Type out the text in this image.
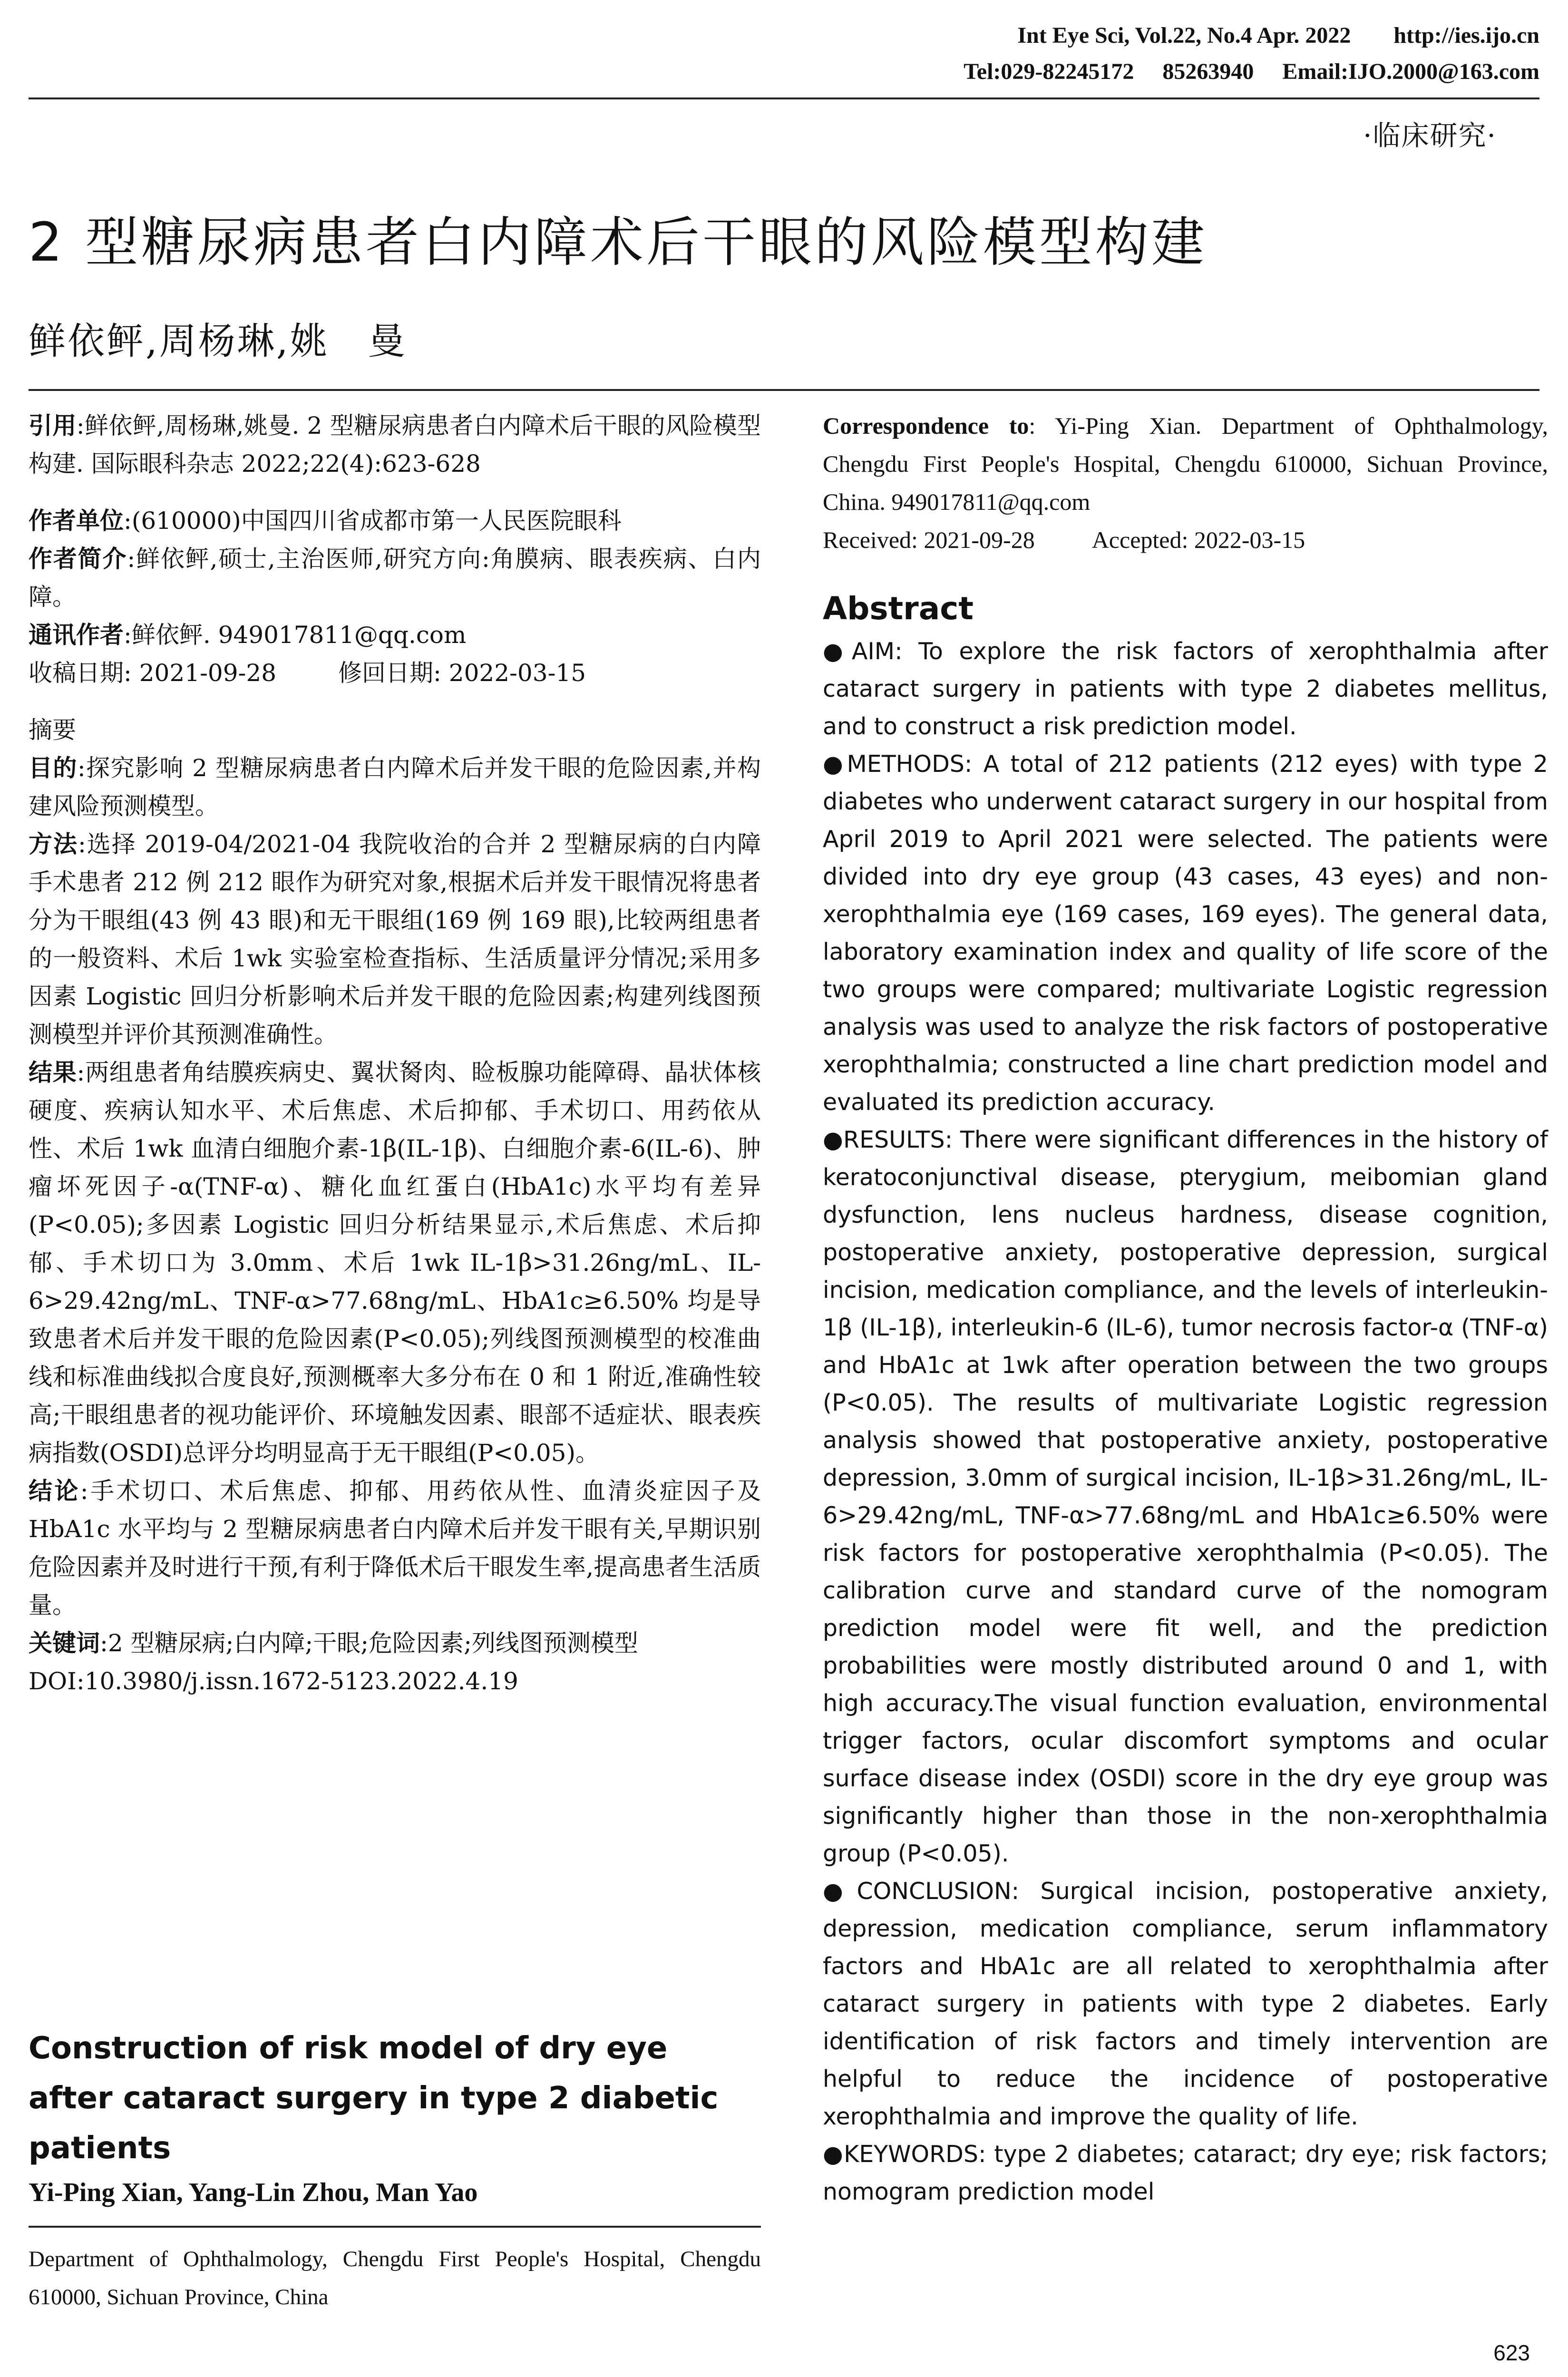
Int Eye Sci, Vol.22, No.4 Apr. 2022 http://ies.ijo.cn
Tel:029-82245172 85263940 Email:IJO.2000@163.com
·临床研究·
2 型糖尿病患者白内障术后干眼的风险模型构建
鲜依鲆,周杨琳,姚　曼

引用:鲜依鲆,周杨琳,姚曼. 2 型糖尿病患者白内障术后干眼的风险模型构建. 国际眼科杂志 2022;22(4):623-628

作者单位:(610000)中国四川省成都市第一人民医院眼科

作者简介:鲜依鲆,硕士,主治医师,研究方向:角膜病、眼表疾病、白内障。

通讯作者:鲜依鲆. 949017811@qq.com

收稿日期: 2021-09-28	修回日期: 2022-03-15

摘要

目的:探究影响 2 型糖尿病患者白内障术后并发干眼的危险因素,并构建风险预测模型。

方法:选择 2019-04/2021-04 我院收治的合并 2 型糖尿病的白内障手术患者 212 例 212 眼作为研究对象,根据术后并发干眼情况将患者分为干眼组(43 例 43 眼)和无干眼组(169 例 169 眼),比较两组患者的一般资料、术后 1wk 实验室检查指标、生活质量评分情况;采用多因素 Logistic 回归分析影响术后并发干眼的危险因素;构建列线图预测模型并评价其预测准确性。

结果:两组患者角结膜疾病史、翼状胬肉、睑板腺功能障碍、晶状体核硬度、疾病认知水平、术后焦虑、术后抑郁、手术切口、用药依从性、术后 1wk 血清白细胞介素-1β(IL-1β)、白细胞介素-6(IL-6)、肿瘤坏死因子-α(TNF-α)、糖化血红蛋白(HbA1c)水平均有差异(P<0.05);多因素 Logistic 回归分析结果显示,术后焦虑、术后抑郁、手术切口为 3.0mm、术后 1wk IL-1β>31.26ng/mL、IL-6>29.42ng/mL、TNF-α>77.68ng/mL、HbA1c≥6.50% 均是导致患者术后并发干眼的危险因素(P<0.05);列线图预测模型的校准曲线和标准曲线拟合度良好,预测概率大多分布在 0 和 1 附近,准确性较高;干眼组患者的视功能评价、环境触发因素、眼部不适症状、眼表疾病指数(OSDI)总评分均明显高于无干眼组(P<0.05)。

结论:手术切口、术后焦虑、抑郁、用药依从性、血清炎症因子及 HbA1c 水平均与 2 型糖尿病患者白内障术后并发干眼有关,早期识别危险因素并及时进行干预,有利于降低术后干眼发生率,提高患者生活质量。

关键词:2 型糖尿病;白内障;干眼;危险因素;列线图预测模型

DOI:10.3980/j.issn.1672-5123.2022.4.19

Construction of risk model of dry eye after cataract surgery in type 2 diabetic patients
Yi-Ping Xian, Yang-Lin Zhou, Man Yao
Department of Ophthalmology, Chengdu First People's Hospital, Chengdu 610000, Sichuan Province, China

Correspondence to: Yi-Ping Xian. Department of Ophthalmology, Chengdu First People's Hospital, Chengdu 610000, Sichuan Province, China. 949017811@qq.com

Received: 2021-09-28 Accepted: 2022-03-15

Abstract

●AIM: To explore the risk factors of xerophthalmia after cataract surgery in patients with type 2 diabetes mellitus, and to construct a risk prediction model.

●METHODS: A total of 212 patients (212 eyes) with type 2 diabetes who underwent cataract surgery in our hospital from April 2019 to April 2021 were selected. The patients were divided into dry eye group (43 cases, 43 eyes) and non-xerophthalmia eye (169 cases, 169 eyes). The general data, laboratory examination index and quality of life score of the two groups were compared; multivariate Logistic regression analysis was used to analyze the risk factors of postoperative xerophthalmia; constructed a line chart prediction model and evaluated its prediction accuracy.

●RESULTS: There were significant differences in the history of keratoconjunctival disease, pterygium, meibomian gland dysfunction, lens nucleus hardness, disease cognition, postoperative anxiety, postoperative depression, surgical incision, medication compliance, and the levels of interleukin-1β (IL-1β), interleukin-6 (IL-6), tumor necrosis factor-α (TNF-α) and HbA1c at 1wk after operation between the two groups (P<0.05). The results of multivariate Logistic regression analysis showed that postoperative anxiety, postoperative depression, 3.0mm of surgical incision, IL-1β>31.26ng/mL, IL-6>29.42ng/mL, TNF-α>77.68ng/mL and HbA1c≥6.50% were risk factors for postoperative xerophthalmia (P<0.05). The calibration curve and standard curve of the nomogram prediction model were fit well, and the prediction probabilities were mostly distributed around 0 and 1, with high accuracy.The visual function evaluation, environmental trigger factors, ocular discomfort symptoms and ocular surface disease index (OSDI) score in the dry eye group was significantly higher than those in the non-xerophthalmia group (P<0.05).

●CONCLUSION: Surgical incision, postoperative anxiety, depression, medication compliance, serum inflammatory factors and HbA1c are all related to xerophthalmia after cataract surgery in patients with type 2 diabetes. Early identification of risk factors and timely intervention are helpful to reduce the incidence of postoperative xerophthalmia and improve the quality of life.

●KEYWORDS: type 2 diabetes; cataract; dry eye; risk factors; nomogram prediction model

623
